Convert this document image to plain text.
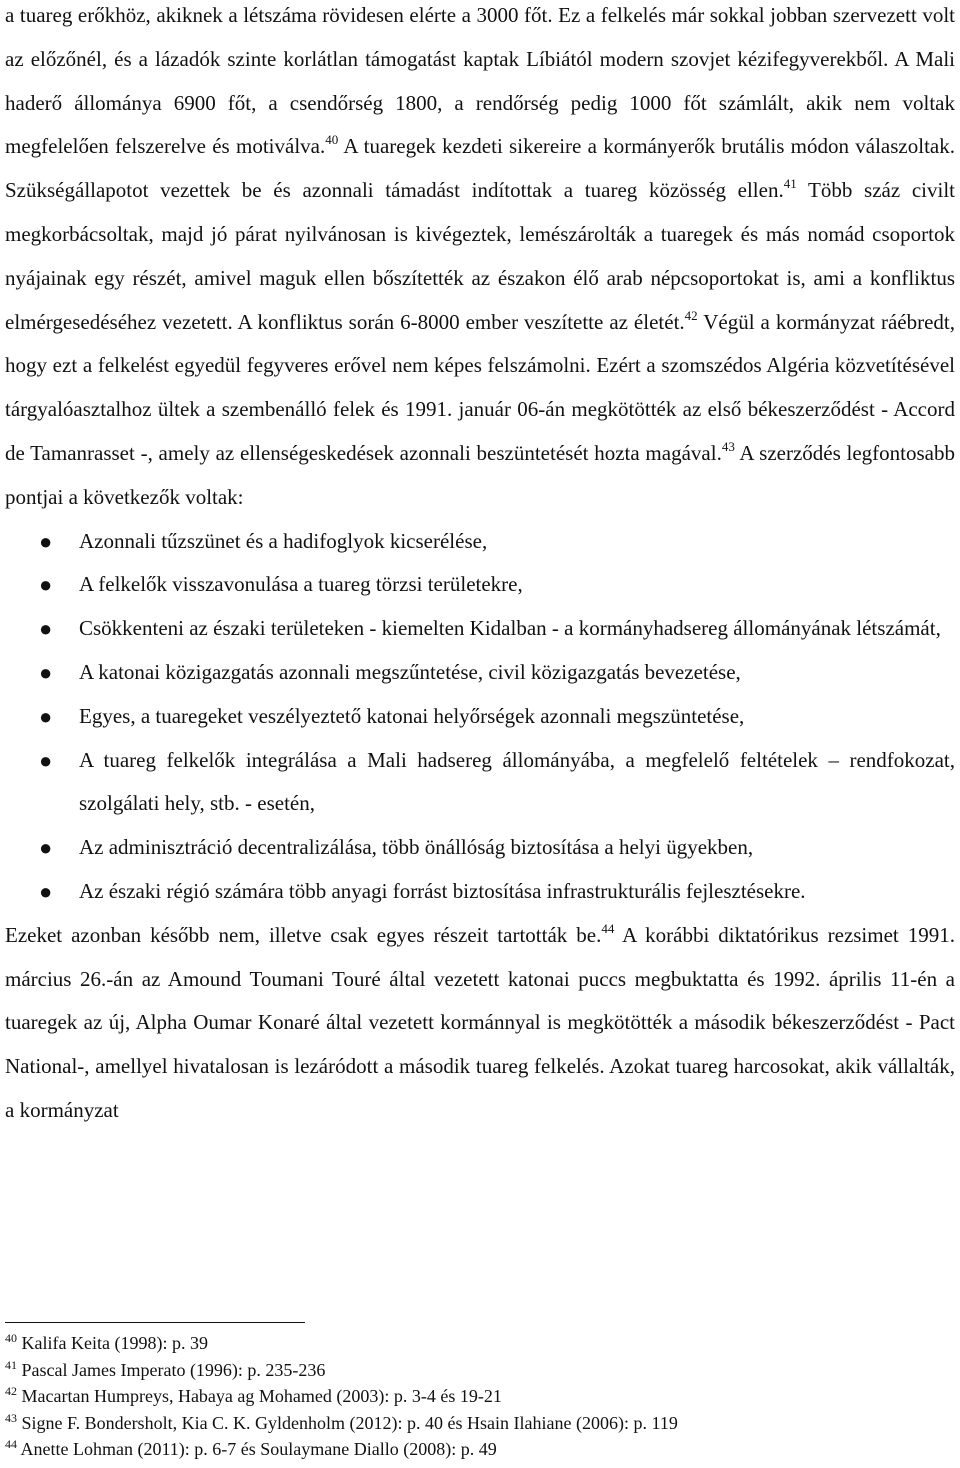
a tuareg erőkhöz, akiknek a létszáma rövidesen elérte a 3000 főt. Ez a felkelés már sokkal jobban szervezett volt az előzőnél, és a lázadók szinte korlátlan támogatást kaptak Líbiától modern szovjet kézifegyverekből. A Mali haderő állománya 6900 főt, a csendőrség 1800, a rendőrség pedig 1000 főt számlált, akik nem voltak megfelelően felszerelve és motiválva.$^{40}$ A tuaregek kezdeti sikereire a kormányerők brutális módon válaszoltak. Szükségállapotot vezettek be és azonnali támadást indítottak a tuareg közösség ellen.$^{41}$ Több száz civilt megkorbácsoltak, majd jó párat nyilvánosan is kivégeztek, lemészárolták a tuaregek és más nomád csoportok nyájainak egy részét, amivel maguk ellen bőszítették az északon élő arab népcsoportokat is, ami a konfliktus elmérgesedéséhez vezetett. A konfliktus során 6-8000 ember veszítette az életét.$^{42}$ Végül a kormányzat ráébredt, hogy ezt a felkelést egyedül fegyveres erővel nem képes felszámolni. Ezért a szomszédos Algéria közvetítésével tárgyalóasztalhoz ültek a szembenálló felek és 1991. január 06-án megkötötték az első békeszerződést - Accord de Tamanrasset -, amely az ellenségeskedések azonnali beszüntetését hozta magával.$^{43}$ A szerződés legfontosabb pontjai a következők voltak:

● Azonnali tűzszünet és a hadifoglyok kicserélése,
● A felkelők visszavonulása a tuareg törzsi területekre,
● Csökkenteni az északi területeken - kiemelten Kidalban - a kormányhadsereg állományának létszámát,
● A katonai közigazgatás azonnali megszűntetése, civil közigazgatás bevezetése,
● Egyes, a tuaregeket veszélyeztető katonai helyőrségek azonnali megszüntetése,
● A tuareg felkelők integrálása a Mali hadsereg állományába, a megfelelő feltételek – rendfokozat, szolgálati hely, stb. - esetén,
● Az adminisztráció decentralizálása, több önállóság biztosítása a helyi ügyekben,
● Az északi régió számára több anyagi forrást biztosítása infrastrukturális fejlesztésekre.

Ezeket azonban később nem, illetve csak egyes részeit tartották be.$^{44}$ A korábbi diktatórikus rezsimet 1991. március 26.-án az Amound Toumani Touré által vezetett katonai puccs megbuktatta és 1992. április 11-én a tuaregek az új, Alpha Oumar Konaré által vezetett kormánnyal is megkötötték a második békeszerződést - Pact National-, amellyel hivatalosan is lezáródott a második tuareg felkelés. Azokat tuareg harcosokat, akik vállalták, a kormányzat

$^{40}$ Kalifa Keita (1998): p. 39
$^{41}$ Pascal James Imperato (1996): p. 235-236
$^{42}$ Macartan Humpreys, Habaya ag Mohamed (2003): p. 3-4 és 19-21
$^{43}$ Signe F. Bondersholt, Kia C. K. Gyldenholm (2012): p. 40 és Hsain Ilahiane (2006): p. 119
$^{44}$ Anette Lohman (2011): p. 6-7 és Soulaymane Diallo (2008): p. 49
